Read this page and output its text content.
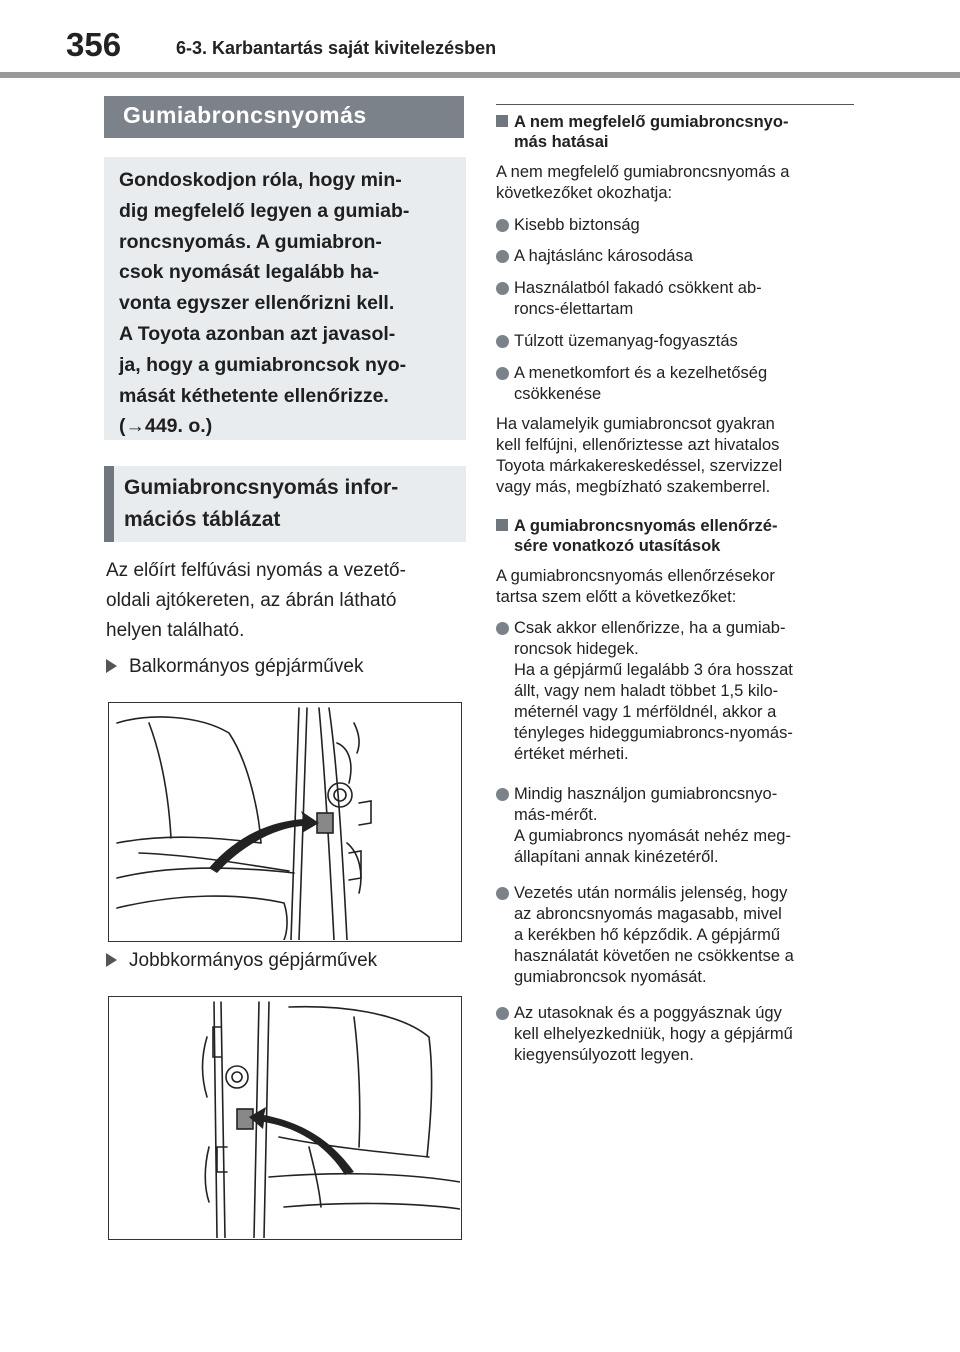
356	6-3. Karbantartás saját kivitelezésben
Gumiabroncsnyomás

Gondoskodjon róla, hogy min-
dig megfelelő legyen a gumiab-
roncsnyomás. A gumiabron-
csok nyomását legalább ha-
vonta egyszer ellenőrizni kell.
A Toyota azonban azt javasol-
ja, hogy a gumiabroncsok nyo-
mását kéthetente ellenőrizze.
(→449. o.)

Gumiabroncsnyomás infor-
mációs táblázat

Az előírt felfúvási nyomás a vezető-
oldali ajtókereten, az ábrán látható
helyen található.

Balkormányos gépjárművek
Jobbkormányos gépjárművek
A nem megfelelő gumiabroncsnyo-
más hatásai

A nem megfelelő gumiabroncsnyomás a
következőket okozhatja:

Kisebb biztonság
A hajtáslánc károsodása
Használatból fakadó csökkent ab-
roncs-élettartam
Túlzott üzemanyag-fogyasztás
A menetkomfort és a kezelhetőség
csökkenése

Ha valamelyik gumiabroncsot gyakran
kell felfújni, ellenőriztesse azt hivatalos
Toyota márkakereskedéssel, szervizzel
vagy más, megbízható szakemberrel.

A gumiabroncsnyomás ellenőrzé-
sére vonatkozó utasítások

A gumiabroncsnyomás ellenőrzésekor
tartsa szem előtt a következőket:

Csak akkor ellenőrizze, ha a gumiab-
roncsok hidegek.
Ha a gépjármű legalább 3 óra hosszat
állt, vagy nem haladt többet 1,5 kilo-
méternél vagy 1 mérföldnél, akkor a
tényleges hideggumiabroncs-nyomás-
értéket mérheti.
Mindig használjon gumiabroncsnyo-
más-mérőt.
A gumiabroncs nyomását nehéz meg-
állapítani annak kinézetéről.
Vezetés után normális jelenség, hogy
az abroncsnyomás magasabb, mivel
a kerékben hő képződik. A gépjármű
használatát követően ne csökkentse a
gumiabroncsok nyomását.
Az utasoknak és a poggyásznak úgy
kell elhelyezkedniük, hogy a gépjármű
kiegyensúlyozott legyen.
